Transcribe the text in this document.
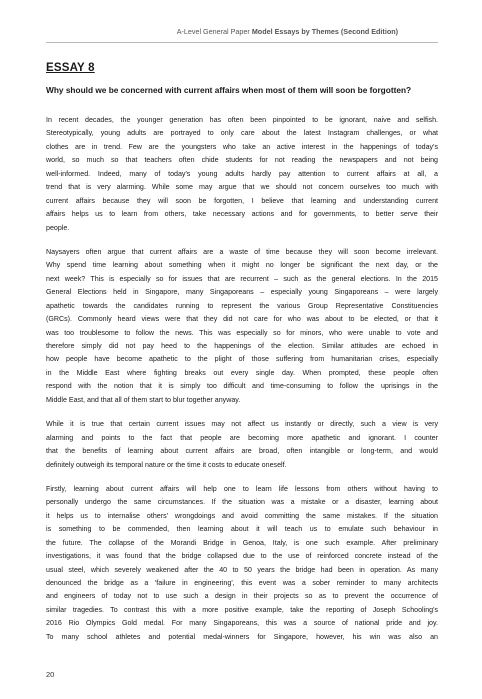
A-Level General Paper Model Essays by Themes (Second Edition)
ESSAY 8
Why should we be concerned with current affairs when most of them will soon be forgotten?
In recent decades, the younger generation has often been pinpointed to be ignorant, naive and selfish.
Stereotypically, young adults are portrayed to only care about the latest Instagram challenges, or what
clothes are in trend. Few are the youngsters who take an active interest in the happenings of today's
world, so much so that teachers often chide students for not reading the newspapers and not being
well-informed. Indeed, many of today's young adults hardly pay attention to current affairs at all, a
trend that is very alarming. While some may argue that we should not concern ourselves too much with
current affairs because they will soon be forgotten, I believe that learning and understanding current
affairs helps us to learn from others, take necessary actions and for governments, to better serve their
people.
Naysayers often argue that current affairs are a waste of time because they will soon become irrelevant.
Why spend time learning about something when it might no longer be significant the next day, or the
next week? This is especially so for issues that are recurrent – such as the general elections. In the 2015
General Elections held in Singapore, many Singaporeans – especially young Singaporeans – were largely
apathetic towards the candidates running to represent the various Group Representative Constituencies
(GRCs). Commonly heard views were that they did not care for who was about to be elected, or that it
was too troublesome to follow the news. This was especially so for minors, who were unable to vote and
therefore simply did not pay heed to the happenings of the election. Similar attitudes are echoed in
how people have become apathetic to the plight of those suffering from humanitarian crises, especially
in the Middle East where fighting breaks out every single day. When prompted, these people often
respond with the notion that it is simply too difficult and time-consuming to follow the uprisings in the
Middle East, and that all of them start to blur together anyway.
While it is true that certain current issues may not affect us instantly or directly, such a view is very
alarming and points to the fact that people are becoming more apathetic and ignorant. I counter
that the benefits of learning about current affairs are broad, often intangible or long-term, and would
definitely outweigh its temporal nature or the time it costs to educate oneself.
Firstly, learning about current affairs will help one to learn life lessons from others without having to
personally undergo the same circumstances. If the situation was a mistake or a disaster, learning about
it helps us to internalise others' wrongdoings and avoid committing the same mistakes. If the situation
is something to be commended, then learning about it will teach us to emulate such behaviour in
the future. The collapse of the Morandi Bridge in Genoa, Italy, is one such example. After preliminary
investigations, it was found that the bridge collapsed due to the use of reinforced concrete instead of the
usual steel, which severely weakened after the 40 to 50 years the bridge had been in operation. As many
denounced the bridge as a 'failure in engineering', this event was a sober reminder to many architects
and engineers of today not to use such a design in their projects so as to prevent the occurrence of
similar tragedies. To contrast this with a more positive example, take the reporting of Joseph Schooling's
2016 Rio Olympics Gold medal. For many Singaporeans, this was a source of national pride and joy.
To many school athletes and potential medal-winners for Singapore, however, his win was also an
20
